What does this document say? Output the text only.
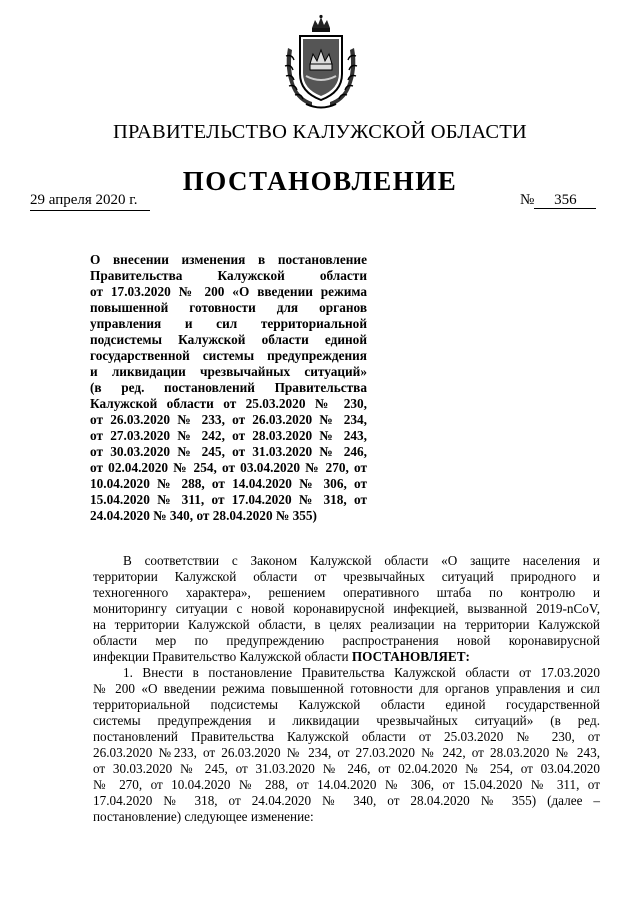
ПРАВИТЕЛЬСТВО КАЛУЖСКОЙ ОБЛАСТИ
ПОСТАНОВЛЕНИЕ
29 апреля 2020 г.	№ 356
О внесении изменения в постановление
Правительства Калужской области
от 17.03.2020 № 200 «О введении режима
повышенной готовности для органов
управления и сил территориальной
подсистемы Калужской области единой
государственной системы предупреждения
и ликвидации чрезвычайных ситуаций»
(в ред. постановлений Правительства
Калужской области от 25.03.2020 № 230,
от 26.03.2020 № 233, от 26.03.2020 № 234,
от 27.03.2020 № 242, от 28.03.2020 № 243,
от 30.03.2020 № 245, от 31.03.2020 № 246,
от 02.04.2020 № 254, от 03.04.2020 № 270, от
10.04.2020 № 288, от 14.04.2020 № 306, от
15.04.2020 № 311, от 17.04.2020 № 318, от
24.04.2020 № 340, от 28.04.2020 № 355)
В соответствии с Законом Калужской области «О защите населения и
территории Калужской области от чрезвычайных ситуаций природного и
техногенного характера», решением оперативного штаба по контролю и
мониторингу ситуации с новой коронавирусной инфекцией, вызванной 2019-nCoV,
на территории Калужской области, в целях реализации на территории Калужской
области мер по предупреждению распространения новой коронавирусной
инфекции Правительство Калужской области ПОСТАНОВЛЯЕТ:
1. Внести в постановление Правительства Калужской области от 17.03.2020
№ 200 «О введении режима повышенной готовности для органов управления и сил
территориальной подсистемы Калужской области единой государственной
системы предупреждения и ликвидации чрезвычайных ситуаций» (в ред.
постановлений Правительства Калужской области от 25.03.2020 № 230, от
26.03.2020 №233, от 26.03.2020 № 234, от 27.03.2020 № 242, от 28.03.2020 № 243,
от 30.03.2020 № 245, от 31.03.2020 № 246, от 02.04.2020 № 254, от 03.04.2020
№ 270, от 10.04.2020 № 288, от 14.04.2020 № 306, от 15.04.2020 № 311, от
17.04.2020 № 318, от 24.04.2020 № 340, от 28.04.2020 № 355) (далее –
постановление) следующее изменение:
